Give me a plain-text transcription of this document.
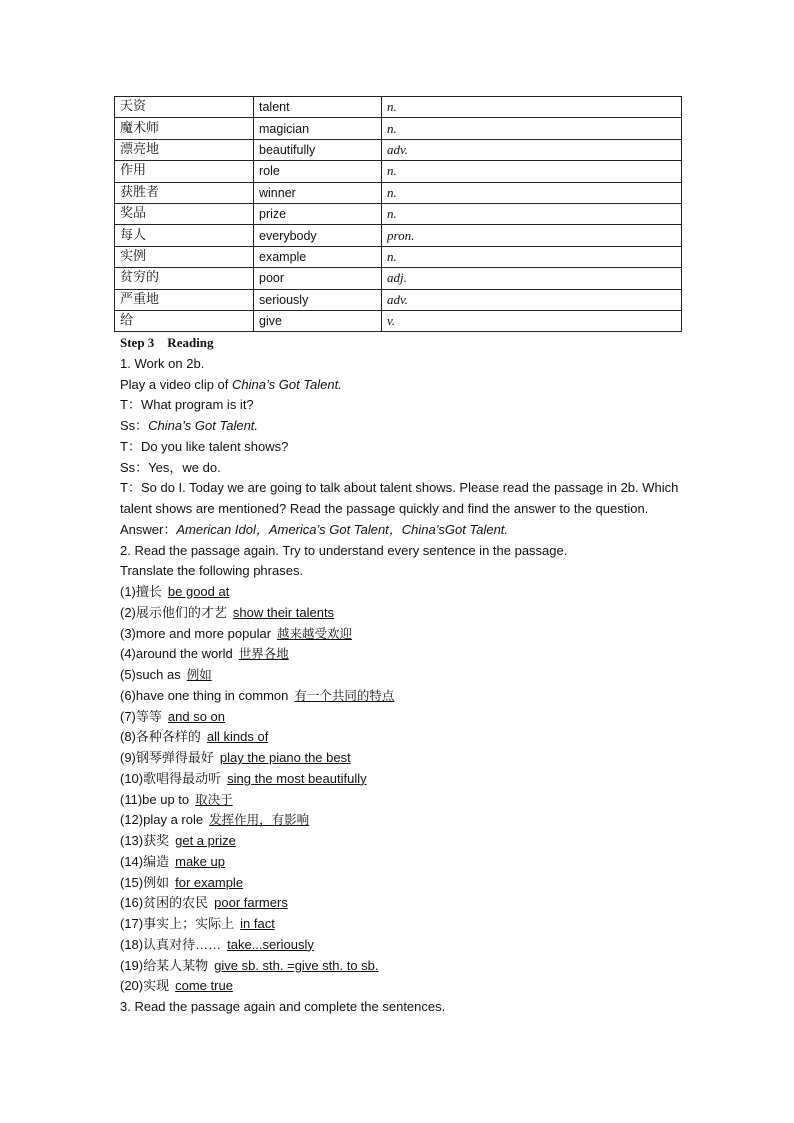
天资	talent	n.
魔术师	magician	n.
漂亮地	beautifully	adv.
作用	role	n.
获胜者	winner	n.
奖品	prize	n.
每人	everybody	pron.
实例	example	n.
贫穷的	poor	adj.
严重地	seriously	adv.
给	give	v.
Step 3　Reading
1. Work on 2b.
Play a video clip of China’s Got Talent.
T：What program is it?
Ss：China’s Got Talent.
T：Do you like talent shows?
Ss：Yes，we do.
T：So do I. Today we are going to talk about talent shows. Please read the passage in 2b. Which talent shows are mentioned? Read the passage quickly and find the answer to the question.
Answer：American Idol，America’s Got Talent，China’sGot Talent.
2. Read the passage again. Try to understand every sentence in the passage.
Translate the following phrases.
(1)擅长 be good at
(2)展示他们的才艺 show their talents
(3)more and more popular 越来越受欢迎
(4)around the world 世界各地
(5)such as 例如
(6)have one thing in common 有一个共同的特点
(7)等等 and so on
(8)各种各样的 all kinds of
(9)钢琴弹得最好 play the piano the best
(10)歌唱得最动听 sing the most beautifully
(11)be up to 取决于
(12)play a role 发挥作用，有影响
(13)获奖 get a prize
(14)编造 make up
(15)例如 for example
(16)贫困的农民 poor farmers
(17)事实上；实际上 in fact
(18)认真对待…… take...seriously
(19)给某人某物 give sb. sth. =give sth. to sb.
(20)实现 come true
3. Read the passage again and complete the sentences.
